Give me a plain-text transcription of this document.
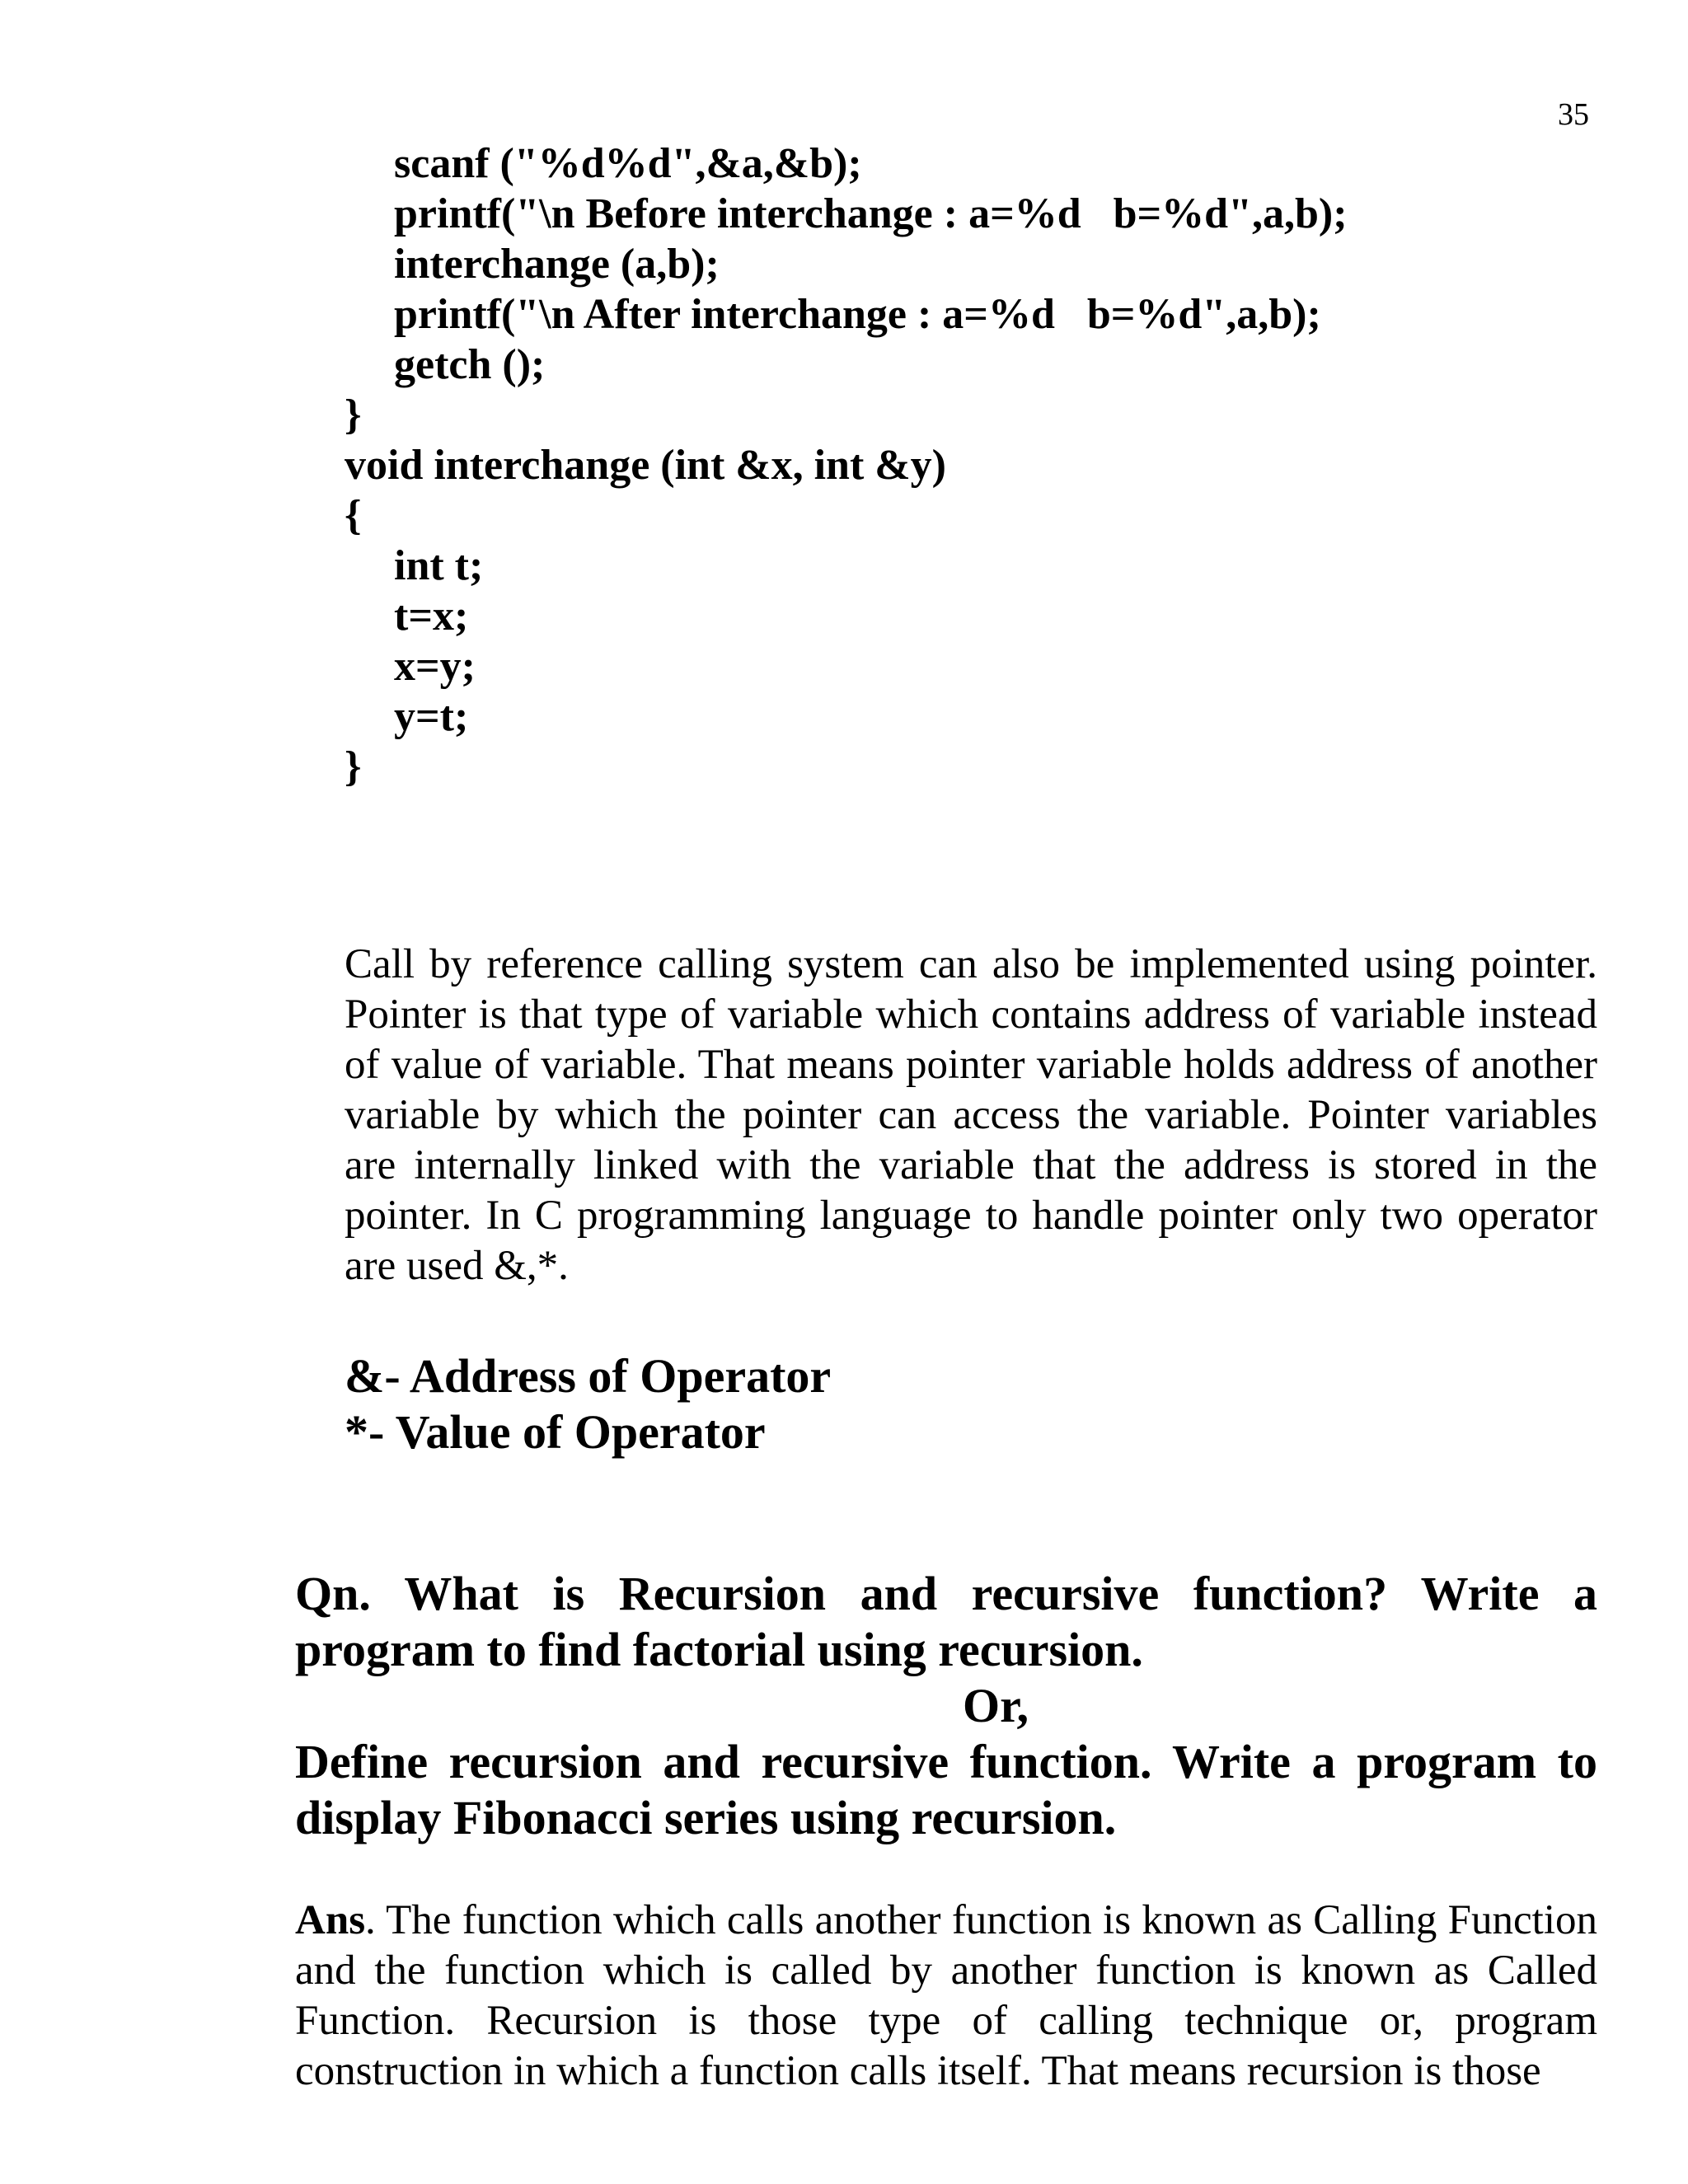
35
scanf ("%d%d",&a,&b);
printf("\n Before interchange : a=%d   b=%d",a,b);
interchange (a,b);
printf("\n After interchange : a=%d   b=%d",a,b);
getch ();
}
void interchange (int &x, int &y)
{
int t;
t=x;
x=y;
y=t;
}
Call by reference calling system can also be implemented using pointer. Pointer is that type of variable which contains address of variable instead of value of variable. That means pointer variable holds address of another variable by which the pointer can access the variable. Pointer variables are internally linked with the variable that the address is stored in the pointer. In C programming language to handle pointer only two operator are used &,*.
&- Address of Operator
*- Value of Operator
Qn. What is Recursion and recursive function? Write a program to find factorial using recursion.
Or,
Define recursion and recursive function. Write a program to display Fibonacci series using recursion.
Ans. The function which calls another function is known as Calling Function and the function which is called by another function is known as Called Function. Recursion is those type of calling technique or, program construction in which a function calls itself. That means recursion is those
